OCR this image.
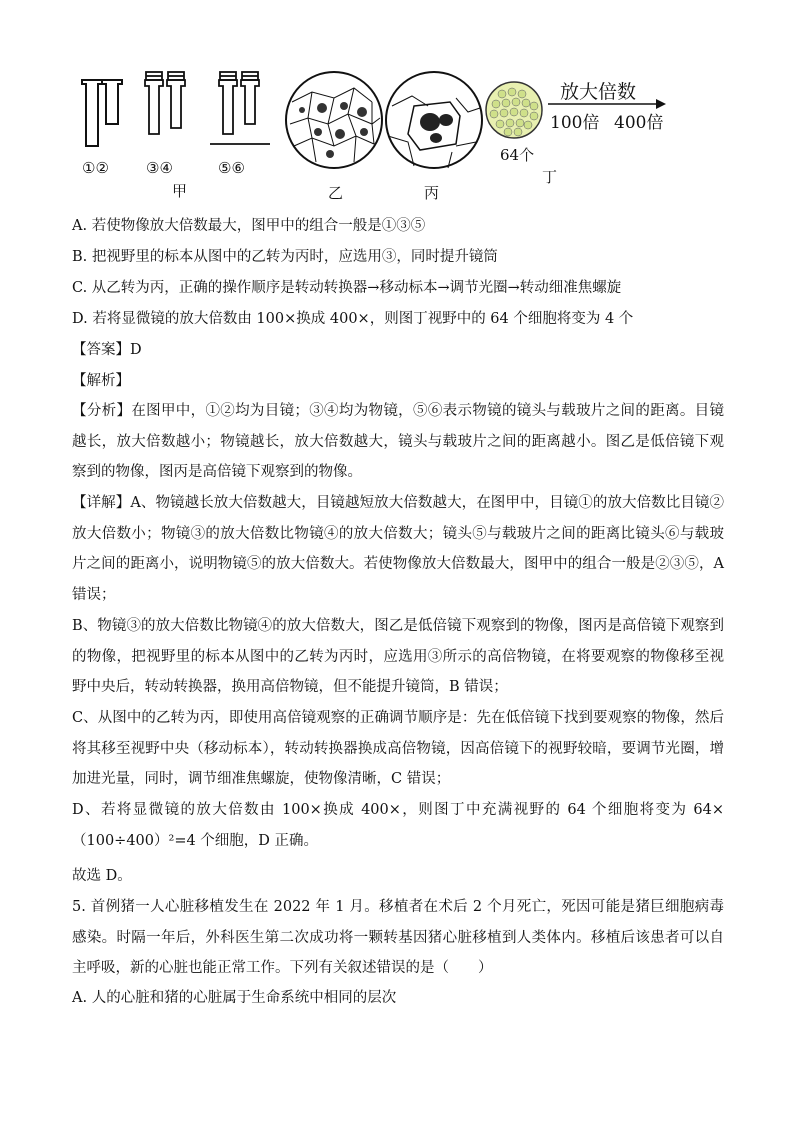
①② ③④	⑤⑥
甲	乙	丙
64个
丁
放大倍数
100倍 400倍
A. 若使物像放大倍数最大，图甲中的组合一般是①③⑤
B. 把视野里的标本从图中的乙转为丙时，应选用③，同时提升镜筒
C. 从乙转为丙，正确的操作顺序是转动转换器→移动标本→调节光圈→转动细准焦螺旋
D. 若将显微镜的放大倍数由 100×换成 400×，则图丁视野中的 64 个细胞将变为 4 个
【答案】D
【解析】
【分析】在图甲中，①②均为目镜；③④均为物镜，⑤⑥表示物镜的镜头与载玻片之间的距离。目镜越长，放大倍数越小；物镜越长，放大倍数越大，镜头与载玻片之间的距离越小。图乙是低倍镜下观察到的物像，图丙是高倍镜下观察到的物像。
【详解】A、物镜越长放大倍数越大，目镜越短放大倍数越大，在图甲中，目镜①的放大倍数比目镜②放大倍数小；物镜③的放大倍数比物镜④的放大倍数大；镜头⑤与载玻片之间的距离比镜头⑥与载玻片之间的距离小，说明物镜⑤的放大倍数大。若使物像放大倍数最大，图甲中的组合一般是②③⑤，A 错误；
B、物镜③的放大倍数比物镜④的放大倍数大，图乙是低倍镜下观察到的物像，图丙是高倍镜下观察到的物像，把视野里的标本从图中的乙转为丙时，应选用③所示的高倍物镜，在将要观察的物像移至视野中央后，转动转换器，换用高倍物镜，但不能提升镜筒，B 错误；
C、从图中的乙转为丙，即使用高倍镜观察的正确调节顺序是：先在低倍镜下找到要观察的物像，然后将其移至视野中央（移动标本），转动转换器换成高倍物镜，因高倍镜下的视野较暗，要调节光圈，增加进光量，同时，调节细准焦螺旋，使物像清晰，C 错误；
D、若将显微镜的放大倍数由 100×换成 400×，则图丁中充满视野的 64 个细胞将变为 64×（100÷400）²=4 个细胞，D 正确。
故选 D。
5. 首例猪一人心脏移植发生在 2022 年 1 月。移植者在术后 2 个月死亡，死因可能是猪巨细胞病毒感染。时隔一年后，外科医生第二次成功将一颗转基因猪心脏移植到人类体内。移植后该患者可以自主呼吸，新的心脏也能正常工作。下列有关叙述错误的是（　　）
A. 人的心脏和猪的心脏属于生命系统中相同的层次
